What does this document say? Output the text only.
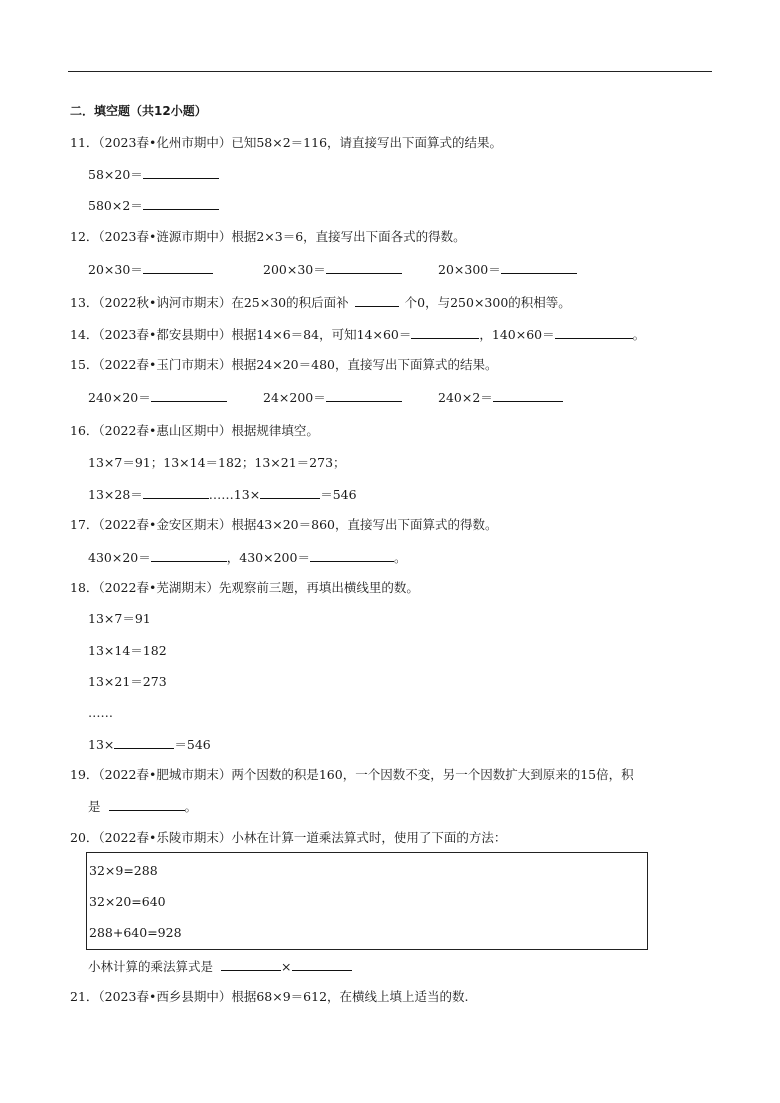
二．填空题（共12小题）
11．（2023春•化州市期中）已知58×2＝116，请直接写出下面算式的结果。
58×20＝
580×2＝
12．（2023春•涟源市期中）根据2×3＝6，直接写出下面各式的得数。
20×30＝	200×30＝	20×300＝
13．（2022秋•讷河市期末）在25×30的积后面补	个0，与250×300的积相等。
14．（2023春•都安县期中）根据14×6＝84，可知14×60＝	，140×60＝	。
15．（2022春•玉门市期末）根据24×20＝480，直接写出下面算式的结果。
240×20＝	24×200＝	240×2＝
16．（2022春•惠山区期中）根据规律填空。
13×7＝91；13×14＝182；13×21＝273；
13×28＝	……13×	＝546
17．（2022春•金安区期末）根据43×20＝860，直接写出下面算式的得数。
430×20＝	，430×200＝	。
18．（2022春•芜湖期末）先观察前三题，再填出横线里的数。
13×7＝91
13×14＝182
13×21＝273
……
13×	＝546
19．（2022春•肥城市期末）两个因数的积是160，一个因数不变，另一个因数扩大到原来的15倍，积
是	。
20．（2022春•乐陵市期末）小林在计算一道乘法算式时，使用了下面的方法：
32×9=288
32×20=640
288+640=928
小林计算的乘法算式是	×
21．（2023春•西乡县期中）根据68×9＝612，在横线上填上适当的数.
